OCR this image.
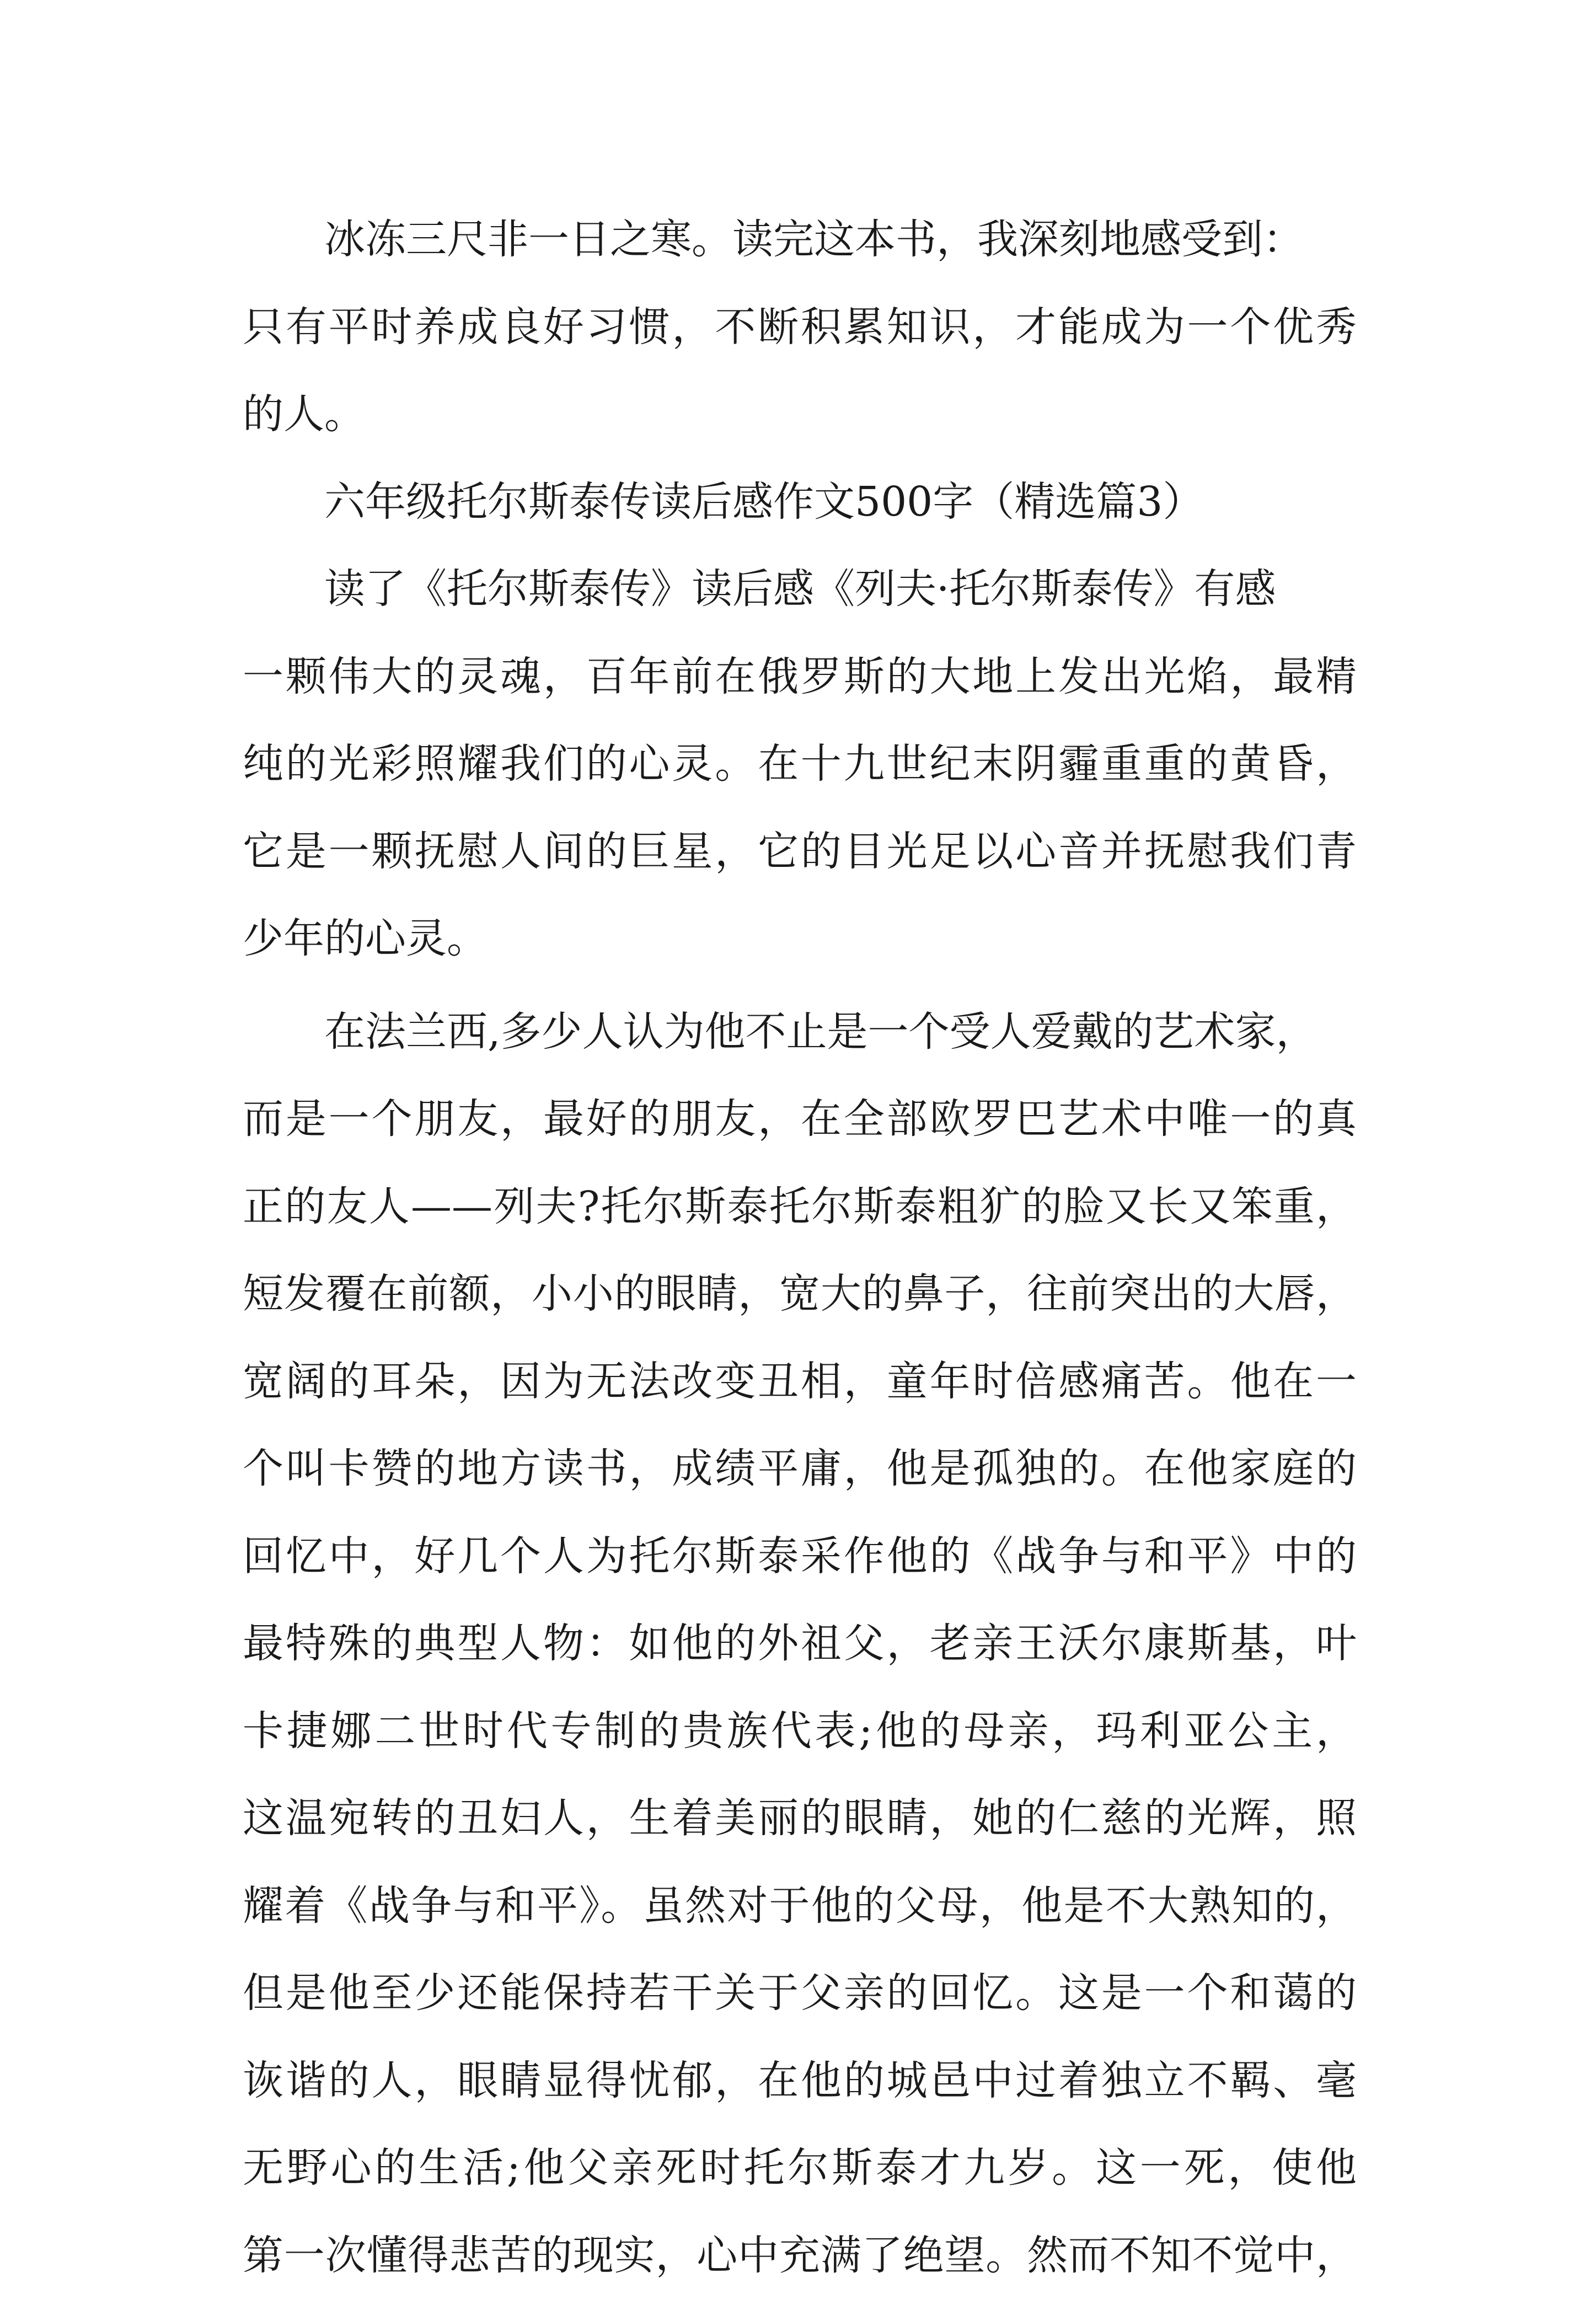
冰冻三尺非一日之寒。读完这本书，我深刻地感受到：
只有平时养成良好习惯，不断积累知识，才能成为一个优秀
的人。
六年级托尔斯泰传读后感作文500字（精选篇3）
读了《托尔斯泰传》读后感《列夫·托尔斯泰传》有感
一颗伟大的灵魂，百年前在俄罗斯的大地上发出光焰，最精
纯的光彩照耀我们的心灵。在十九世纪末阴霾重重的黄昏，
它是一颗抚慰人间的巨星，它的目光足以心音并抚慰我们青
少年的心灵。
在法兰西,多少人认为他不止是一个受人爱戴的艺术家，
而是一个朋友，最好的朋友，在全部欧罗巴艺术中唯一的真
正的友人——列夫?托尔斯泰托尔斯泰粗犷的脸又长又笨重，
短发覆在前额，小小的眼睛，宽大的鼻子，往前突出的大唇，
宽阔的耳朵，因为无法改变丑相，童年时倍感痛苦。他在一
个叫卡赞的地方读书，成绩平庸，他是孤独的。在他家庭的
回忆中，好几个人为托尔斯泰采作他的《战争与和平》中的
最特殊的典型人物：如他的外祖父，老亲王沃尔康斯基，叶
卡捷娜二世时代专制的贵族代表;他的母亲，玛利亚公主，
这温宛转的丑妇人，生着美丽的眼睛，她的仁慈的光辉，照
耀着《战争与和平》。虽然对于他的父母，他是不大熟知的，
但是他至少还能保持若干关于父亲的回忆。这是一个和蔼的
诙谐的人，眼睛显得忧郁，在他的城邑中过着独立不羁、毫
无野心的生活;他父亲死时托尔斯泰才九岁。这一死，使他
第一次懂得悲苦的现实，心中充满了绝望。然而不知不觉中，
